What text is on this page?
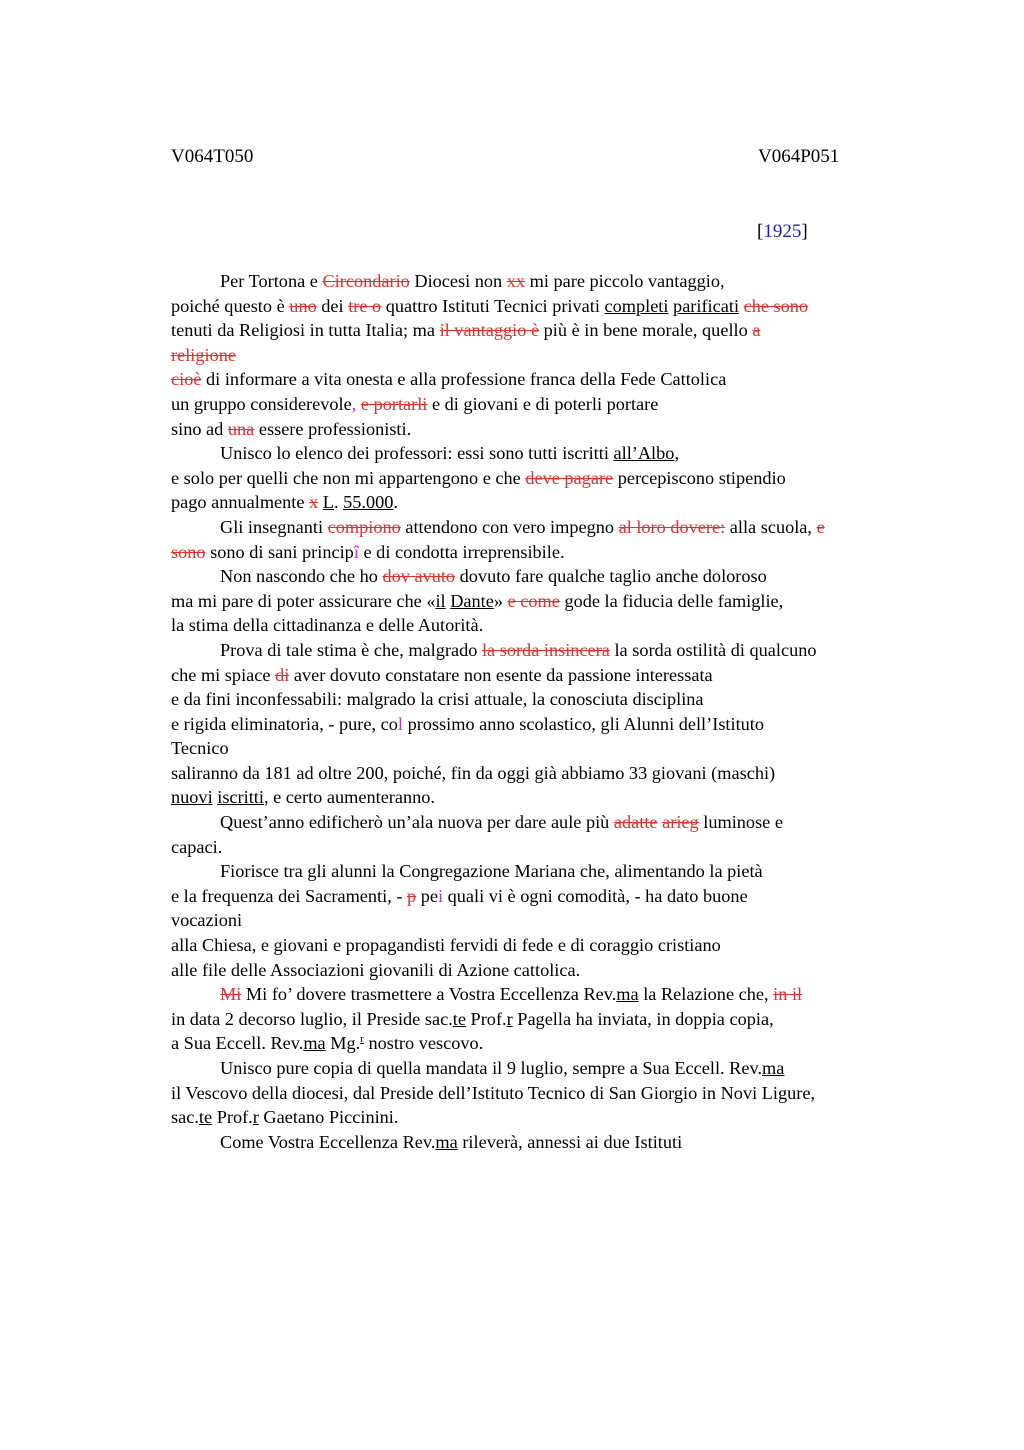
V064T050	V064P051
[1925]
Per Tortona e Circondario Diocesi non xx mi pare piccolo vantaggio,
poiché questo è uno dei tre o quattro Istituti Tecnici privati completi parificati che sono
tenuti da Religiosi in tutta Italia; ma il vantaggio è più è in bene morale, quello a
religione
cioè di informare a vita onesta e alla professione franca della Fede Cattolica
un gruppo considerevole, e portarli e di giovani e di poterli portare
sino ad una essere professionisti.
Unisco lo elenco dei professori: essi sono tutti iscritti all’Albo,
e solo per quelli che non mi appartengono e che deve pagare percepiscono stipendio
pago annualmente x L. 55.000.
Gli insegnanti compiono attendono con vero impegno al loro dovere: alla scuola, e
sono sono di sani principî e di condotta irreprensibile.
Non nascondo che ho dov avuto dovuto fare qualche taglio anche doloroso
ma mi pare di poter assicurare che «il Dante» e come gode la fiducia delle famiglie,
la stima della cittadinanza e delle Autorità.
Prova di tale stima è che, malgrado la sorda insincera la sorda ostilità di qualcuno
che mi spiace di aver dovuto constatare non esente da passione interessata
e da fini inconfessabili: malgrado la crisi attuale, la conosciuta disciplina
e rigida eliminatoria, - pure, col prossimo anno scolastico, gli Alunni dell’Istituto
Tecnico
saliranno da 181 ad oltre 200, poiché, fin da oggi già abbiamo 33 giovani (maschi)
nuovi iscritti, e certo aumenteranno.
Quest’anno edificherò un’ala nuova per dare aule più adatte arieg luminose e
capaci.
Fiorisce tra gli alunni la Congregazione Mariana che, alimentando la pietà
e la frequenza dei Sacramenti, - p pei quali vi è ogni comodità, - ha dato buone
vocazioni
alla Chiesa, e giovani e propagandisti fervidi di fede e di coraggio cristiano
alle file delle Associazioni giovanili di Azione cattolica.
Mi Mi fo’ dovere trasmettere a Vostra Eccellenza Rev.ma la Relazione che, in il
in data 2 decorso luglio, il Preside sac.te Prof.r Pagella ha inviata, in doppia copia,
a Sua Eccell. Rev.ma Mg.$^r$ nostro vescovo.
Unisco pure copia di quella mandata il 9 luglio, sempre a Sua Eccell. Rev.ma
il Vescovo della diocesi, dal Preside dell’Istituto Tecnico di San Giorgio in Novi Ligure,
sac.te Prof.r Gaetano Piccinini.
Come Vostra Eccellenza Rev.ma rileverà, annessi ai due Istituti
